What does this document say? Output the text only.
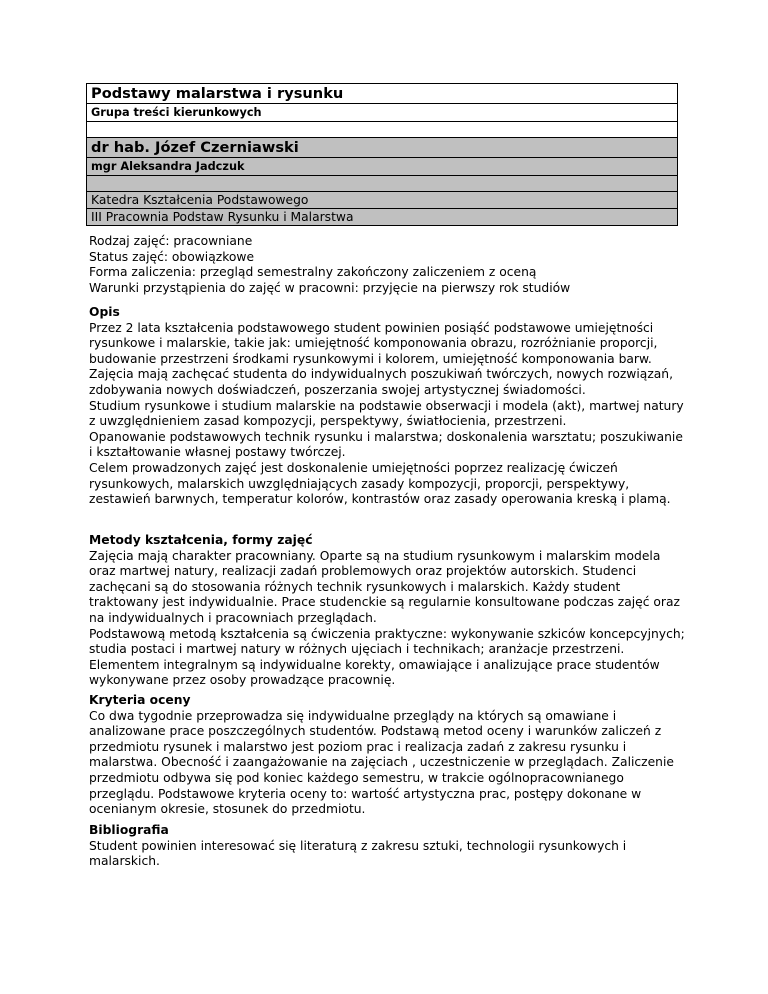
Podstawy malarstwa i rysunku
Grupa treści kierunkowych

dr hab. Józef Czerniawski
mgr Aleksandra Jadczuk

Katedra Kształcenia Podstawowego
III Pracownia Podstaw Rysunku i Malarstwa
Rodzaj zajęć: pracowniane
Status zajęć: obowiązkowe
Forma zaliczenia: przegląd semestralny zakończony zaliczeniem z oceną
Warunki przystąpienia do zajęć w pracowni: przyjęcie na pierwszy rok studiów
Opis

Przez 2 lata kształcenia podstawowego student powinien posiąść podstawowe umiejętności rysunkowe i malarskie, takie jak: umiejętność komponowania obrazu, rozróżnianie proporcji, budowanie przestrzeni środkami rysunkowymi i kolorem, umiejętność komponowania barw. Zajęcia mają zachęcać studenta do indywidualnych poszukiwań twórczych, nowych rozwiązań, zdobywania nowych doświadczeń, poszerzania swojej artystycznej świadomości.

Studium rysunkowe i studium malarskie na podstawie obserwacji i modela (akt), martwej natury z uwzględnieniem zasad kompozycji, perspektywy, światłocienia, przestrzeni.

Opanowanie podstawowych technik rysunku i malarstwa; doskonalenia warsztatu; poszukiwanie i kształtowanie własnej postawy twórczej.

Celem prowadzonych zajęć jest doskonalenie umiejętności poprzez realizację ćwiczeń rysunkowych, malarskich uwzględniających zasady kompozycji, proporcji, perspektywy, zestawień barwnych, temperatur kolorów, kontrastów oraz zasady operowania kreską i plamą.

Metody kształcenia, formy zajęć

Zajęcia mają charakter pracowniany. Oparte są na studium rysunkowym i malarskim modela oraz martwej natury, realizacji zadań problemowych oraz projektów autorskich. Studenci zachęcani są do stosowania różnych technik rysunkowych i malarskich. Każdy student traktowany jest indywidualnie. Prace studenckie są regularnie konsultowane podczas zajęć oraz na indywidualnych i pracowniach przeglądach.

Podstawową metodą kształcenia są ćwiczenia praktyczne: wykonywanie szkiców koncepcyjnych; studia postaci i martwej natury w różnych ujęciach i technikach; aranżacje przestrzeni. Elementem integralnym są indywidualne korekty, omawiające i analizujące prace studentów wykonywane przez osoby prowadzące pracownię.

Kryteria oceny

Co dwa tygodnie przeprowadza się indywidualne przeglądy na których są omawiane i analizowane prace poszczególnych studentów. Podstawą metod oceny i warunków zaliczeń z przedmiotu rysunek i malarstwo jest poziom prac i realizacja zadań z zakresu rysunku i malarstwa. Obecność i zaangażowanie na zajęciach , uczestniczenie w przeglądach. Zaliczenie przedmiotu odbywa się pod koniec każdego semestru, w trakcie ogólnopracownianego przeglądu. Podstawowe kryteria oceny to: wartość artystyczna prac, postępy dokonane w ocenianym okresie, stosunek do przedmiotu.

Bibliografia

Student powinien interesować się literaturą z zakresu sztuki, technologii rysunkowych i malarskich.
